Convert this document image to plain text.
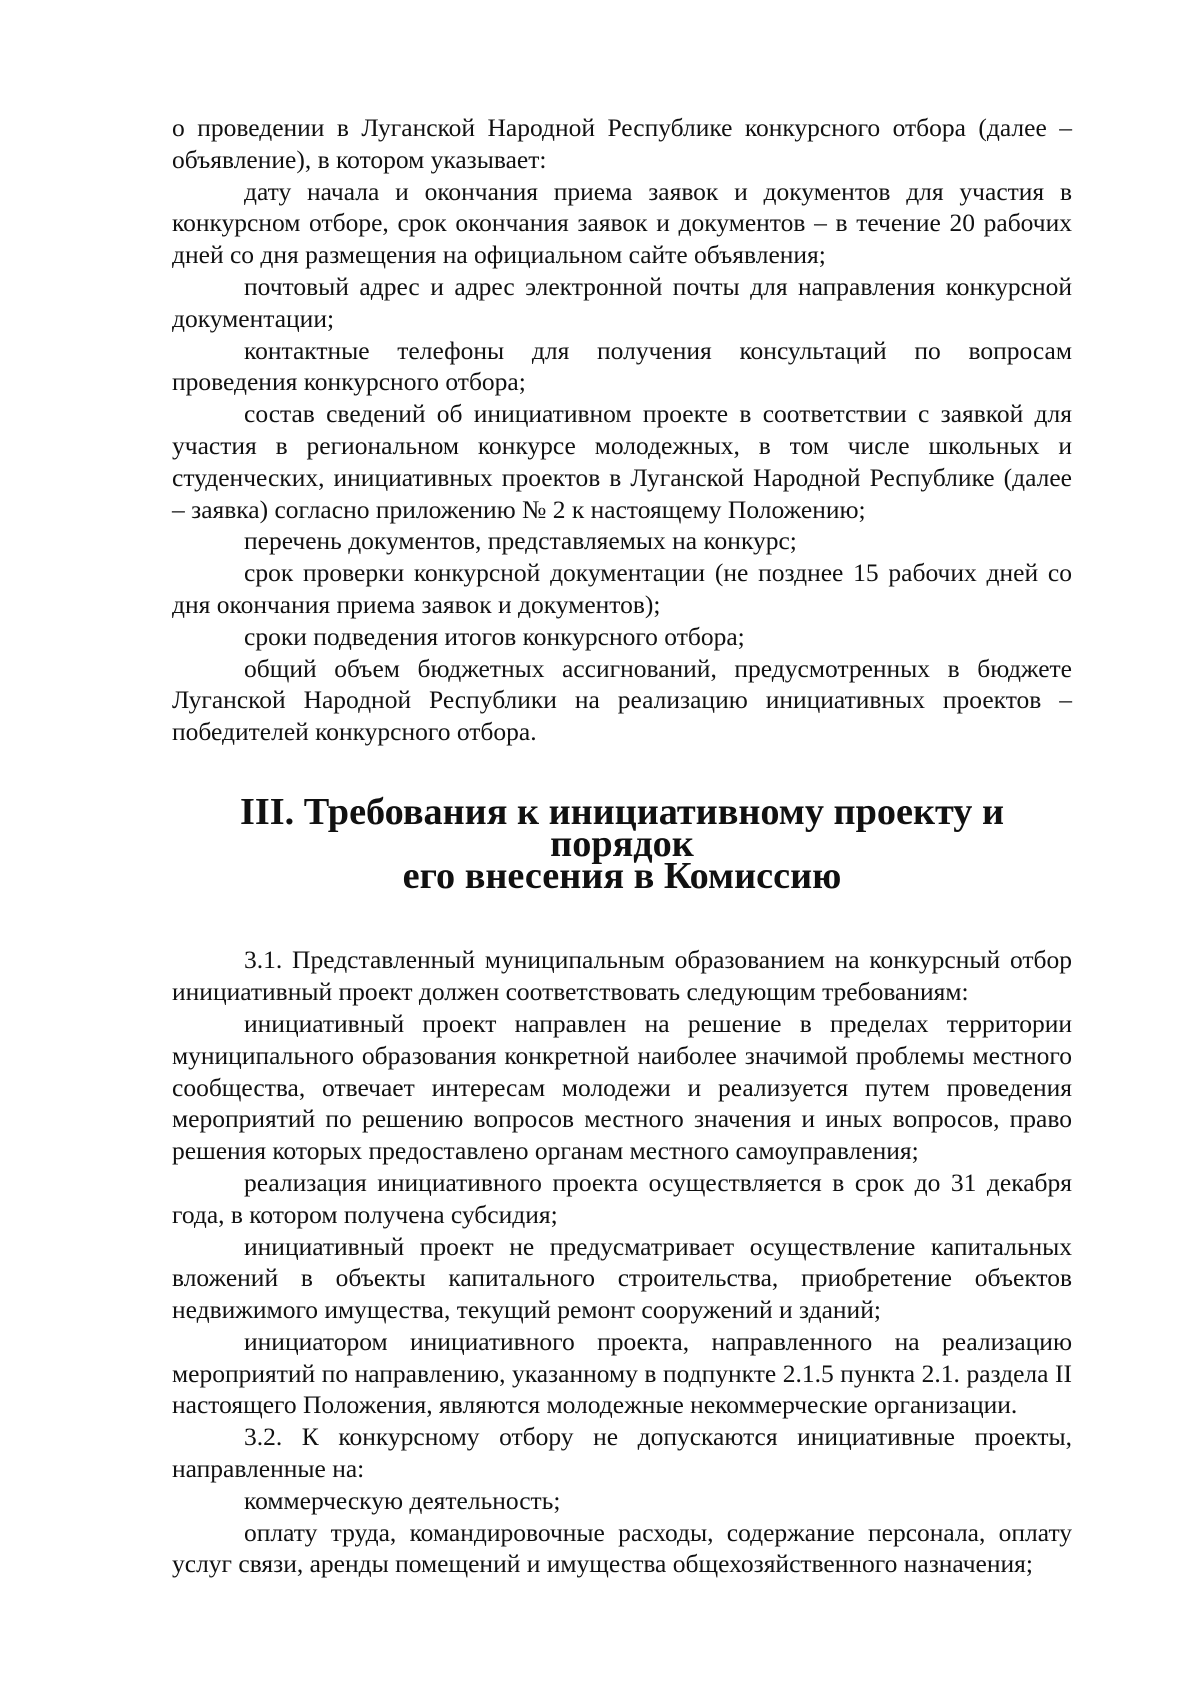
о проведении в Луганской Народной Республике конкурсного отбора (далее – объявление), в котором указывает:

дату начала и окончания приема заявок и документов для участия в конкурсном отборе, срок окончания заявок и документов – в течение 20 рабочих дней со дня размещения на официальном сайте объявления;

почтовый адрес и адрес электронной почты для направления конкурсной документации;

контактные телефоны для получения консультаций по вопросам проведения конкурсного отбора;

состав сведений об инициативном проекте в соответствии с заявкой для участия в региональном конкурсе молодежных, в том числе школьных и студенческих, инициативных проектов в Луганской Народной Республике (далее – заявка) согласно приложению № 2 к настоящему Положению;

перечень документов, представляемых на конкурс;

срок проверки конкурсной документации (не позднее 15 рабочих дней со дня окончания приема заявок и документов);

сроки подведения итогов конкурсного отбора;

общий объем бюджетных ассигнований, предусмотренных в бюджете Луганской Народной Республики на реализацию инициативных проектов – победителей конкурсного отбора.

III. Требования к инициативному проекту и порядок
его внесения в Комиссию

3.1. Представленный муниципальным образованием на конкурсный отбор инициативный проект должен соответствовать следующим требованиям:

инициативный проект направлен на решение в пределах территории муниципального образования конкретной наиболее значимой проблемы местного сообщества, отвечает интересам молодежи и реализуется путем проведения мероприятий по решению вопросов местного значения и иных вопросов, право решения которых предоставлено органам местного самоуправления;

реализация инициативного проекта осуществляется в срок до 31 декабря года, в котором получена субсидия;

инициативный проект не предусматривает осуществление капитальных вложений в объекты капитального строительства, приобретение объектов недвижимого имущества, текущий ремонт сооружений и зданий;

инициатором инициативного проекта, направленного на реализацию мероприятий по направлению, указанному в подпункте 2.1.5 пункта 2.1. раздела II настоящего Положения, являются молодежные некоммерческие организации.

3.2. К конкурсному отбору не допускаются инициативные проекты, направленные на:

коммерческую деятельность;

оплату труда, командировочные расходы, содержание персонала, оплату услуг связи, аренды помещений и имущества общехозяйственного назначения;
